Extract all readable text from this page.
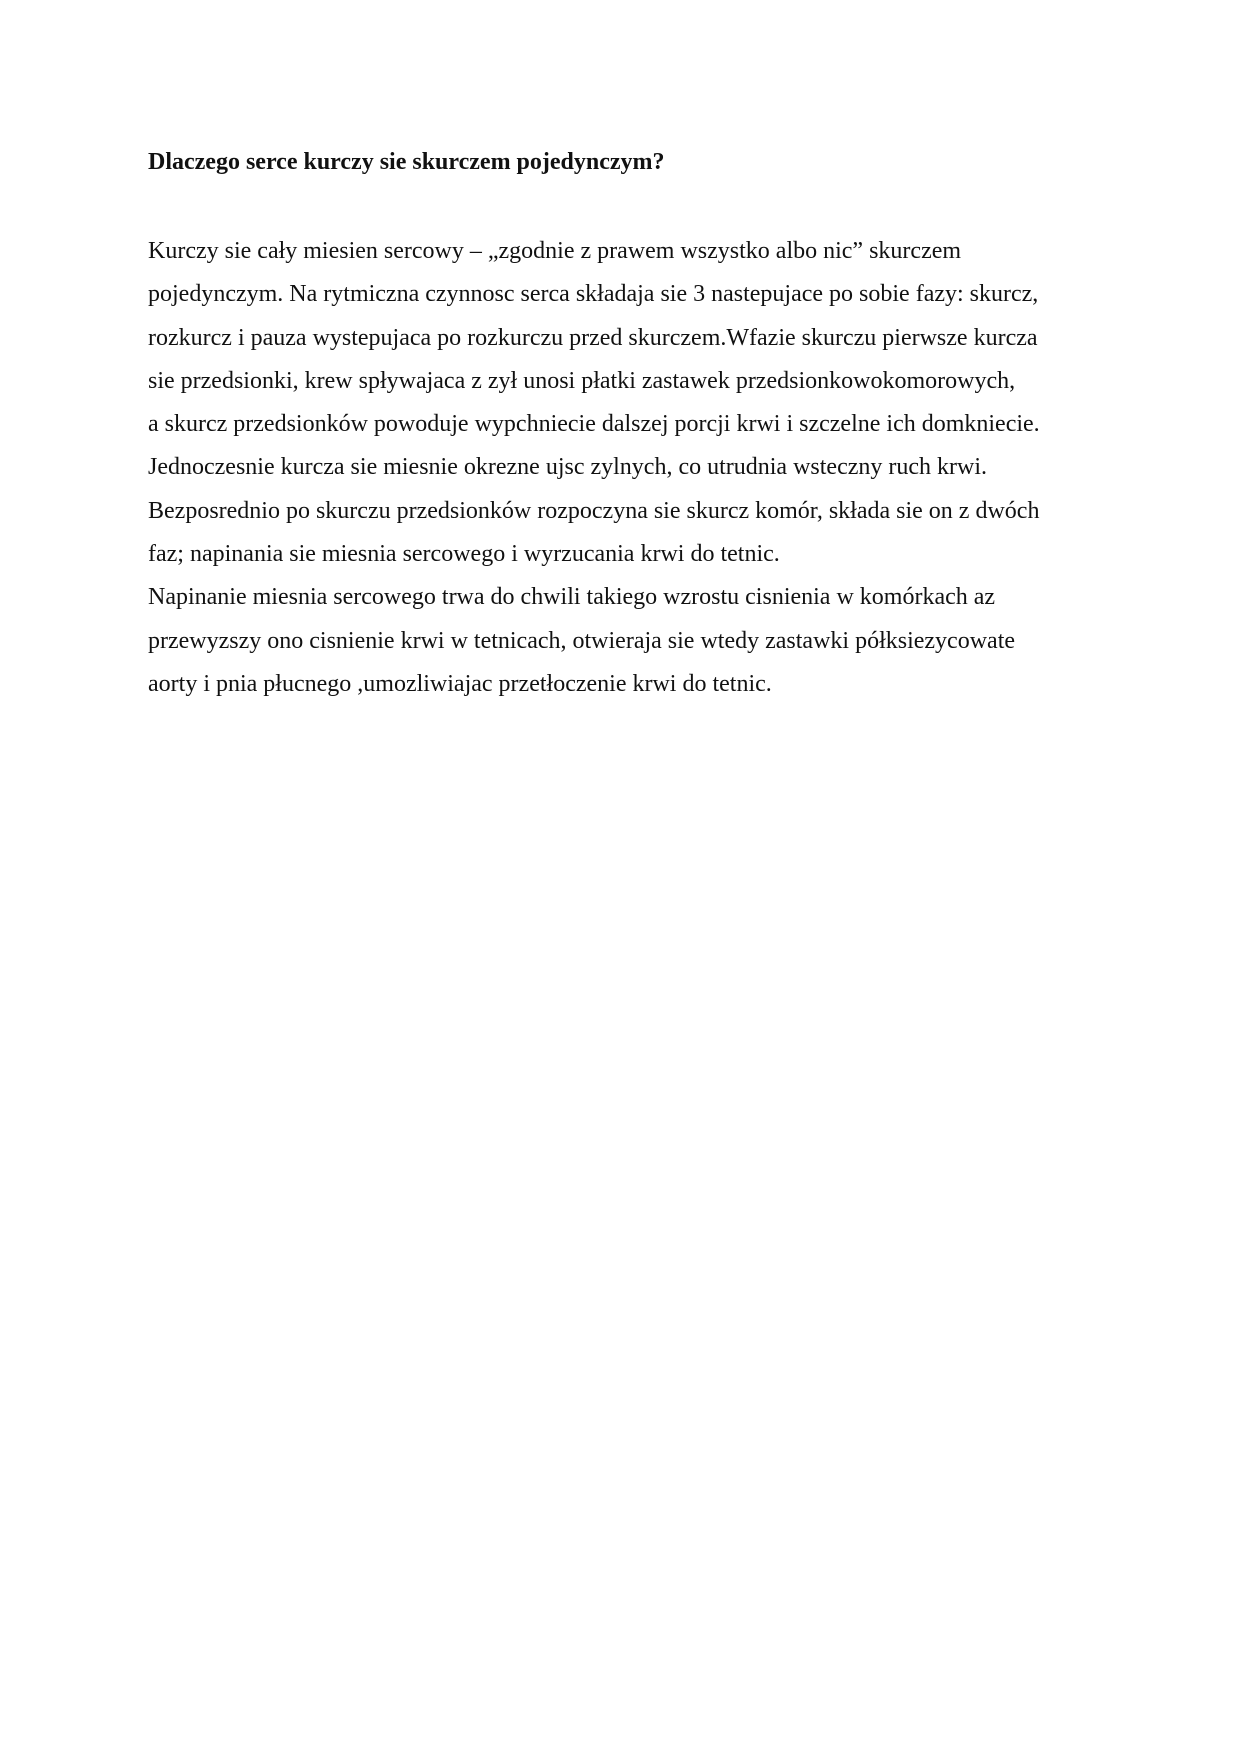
Dlaczego serce kurczy sie skurczem pojedynczym?
Kurczy sie cały miesien sercowy – „zgodnie z prawem wszystko albo nic” skurczem
pojedynczym. Na rytmiczna czynnosc serca składaja sie 3 nastepujace po sobie fazy: skurcz,
rozkurcz i pauza wystepujaca po rozkurczu przed skurczem.Wfazie skurczu pierwsze kurcza
sie przedsionki, krew spływajaca z zył unosi płatki zastawek przedsionkowokomorowych,
a skurcz przedsionków powoduje wypchniecie dalszej porcji krwi i szczelne ich domkniecie.
Jednoczesnie kurcza sie miesnie okrezne ujsc zylnych, co utrudnia wsteczny ruch krwi.
Bezposrednio po skurczu przedsionków rozpoczyna sie skurcz komór, składa sie on z dwóch
faz; napinania sie miesnia sercowego i wyrzucania krwi do tetnic.
Napinanie miesnia sercowego trwa do chwili takiego wzrostu cisnienia w komórkach az
przewyzszy ono cisnienie krwi w tetnicach, otwieraja sie wtedy zastawki półksiezycowate
aorty i pnia płucnego ,umozliwiajac przetłoczenie krwi do tetnic.
